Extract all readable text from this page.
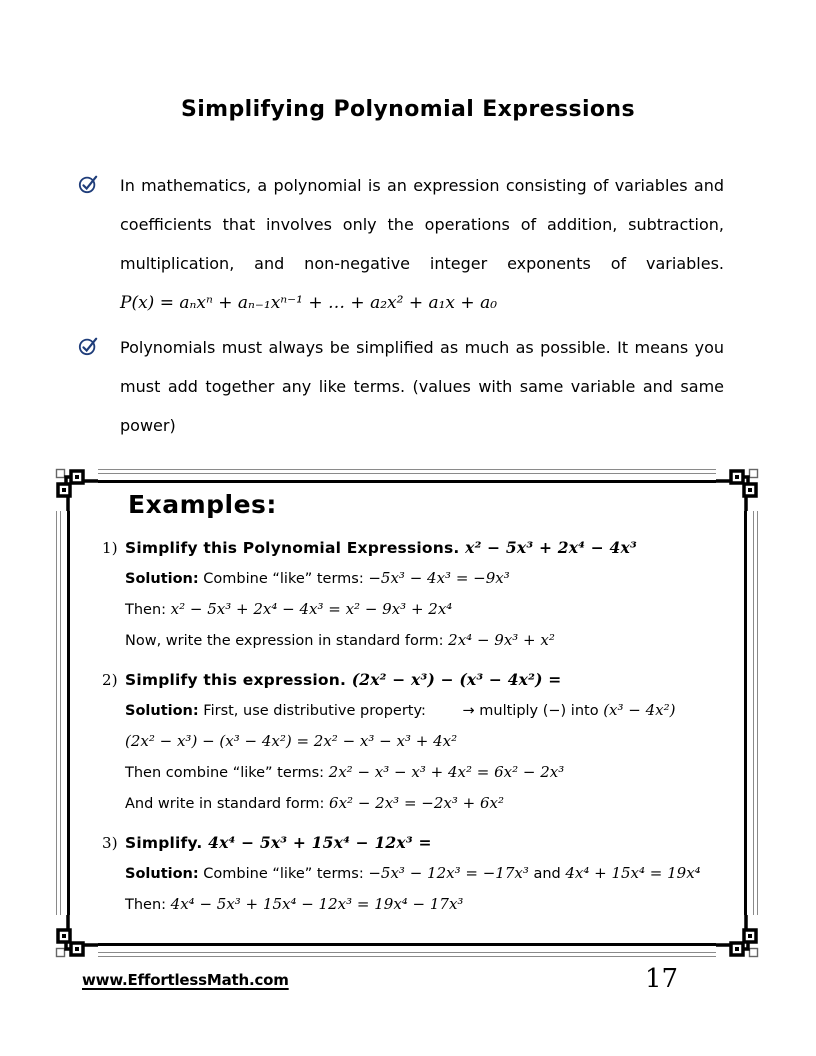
Simplifying Polynomial Expressions

In mathematics, a polynomial is an expression consisting of variables and coefficients that involves only the operations of addition, subtraction, multiplication, and non-negative integer exponents of variables. P(x) = aₙxⁿ + aₙ₋₁xⁿ⁻¹ + … + a₂x² + a₁x + a₀

Polynomials must always be simplified as much as possible. It means you must add together any like terms. (values with same variable and same power)

Examples:
1) Simplify this Polynomial Expressions. x² − 5x³ + 2x⁴ − 4x³
Solution: Combine “like” terms: −5x³ − 4x³ = −9x³
Then: x² − 5x³ + 2x⁴ − 4x³ = x² − 9x³ + 2x⁴
Now, write the expression in standard form: 2x⁴ − 9x³ + x²
2) Simplify this expression. (2x² − x³) − (x³ − 4x²) =
Solution: First, use distributive property:	→ multiply (−) into (x³ − 4x²)
(2x² − x³) − (x³ − 4x²) = 2x² − x³ − x³ + 4x²
Then combine “like” terms: 2x² − x³ − x³ + 4x² = 6x² − 2x³
And write in standard form: 6x² − 2x³ = −2x³ + 6x²
3) Simplify. 4x⁴ − 5x³ + 15x⁴ − 12x³ =
Solution: Combine “like” terms: −5x³ − 12x³ = −17x³ and 4x⁴ + 15x⁴ = 19x⁴
Then: 4x⁴ − 5x³ + 15x⁴ − 12x³ = 19x⁴ − 17x³
www.EffortlessMath.com	17
